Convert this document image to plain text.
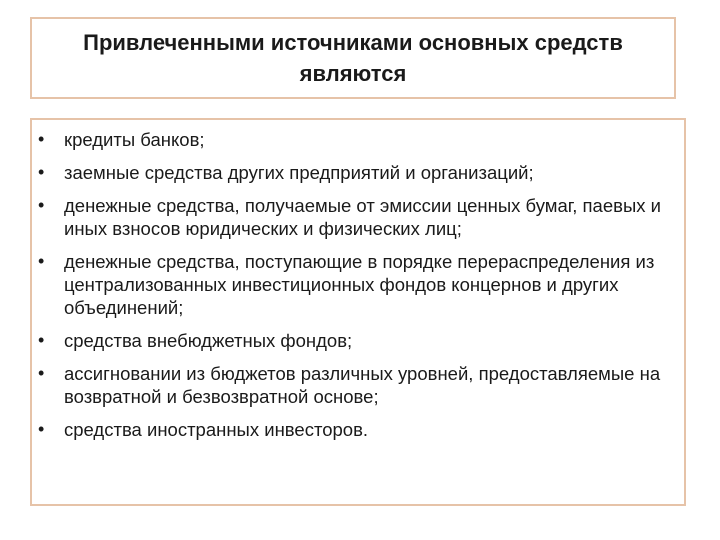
Привлеченными источниками основных средств являются
•	кредиты банков;
•	заемные средства других предприятий и организаций;
•	денежные средства, получаемые от эмиссии ценных бумаг, паевых и иных взносов юридических и физических лиц;
•	денежные средства, поступающие в порядке перераспределения из централизованных инвестиционных фондов концернов и других объединений;
•	средства внебюджетных фондов;
•	ассигновании из бюджетов различных уровней, предоставляемые на возвратной и безвозвратной основе;
•	средства иностранных инвесторов.
